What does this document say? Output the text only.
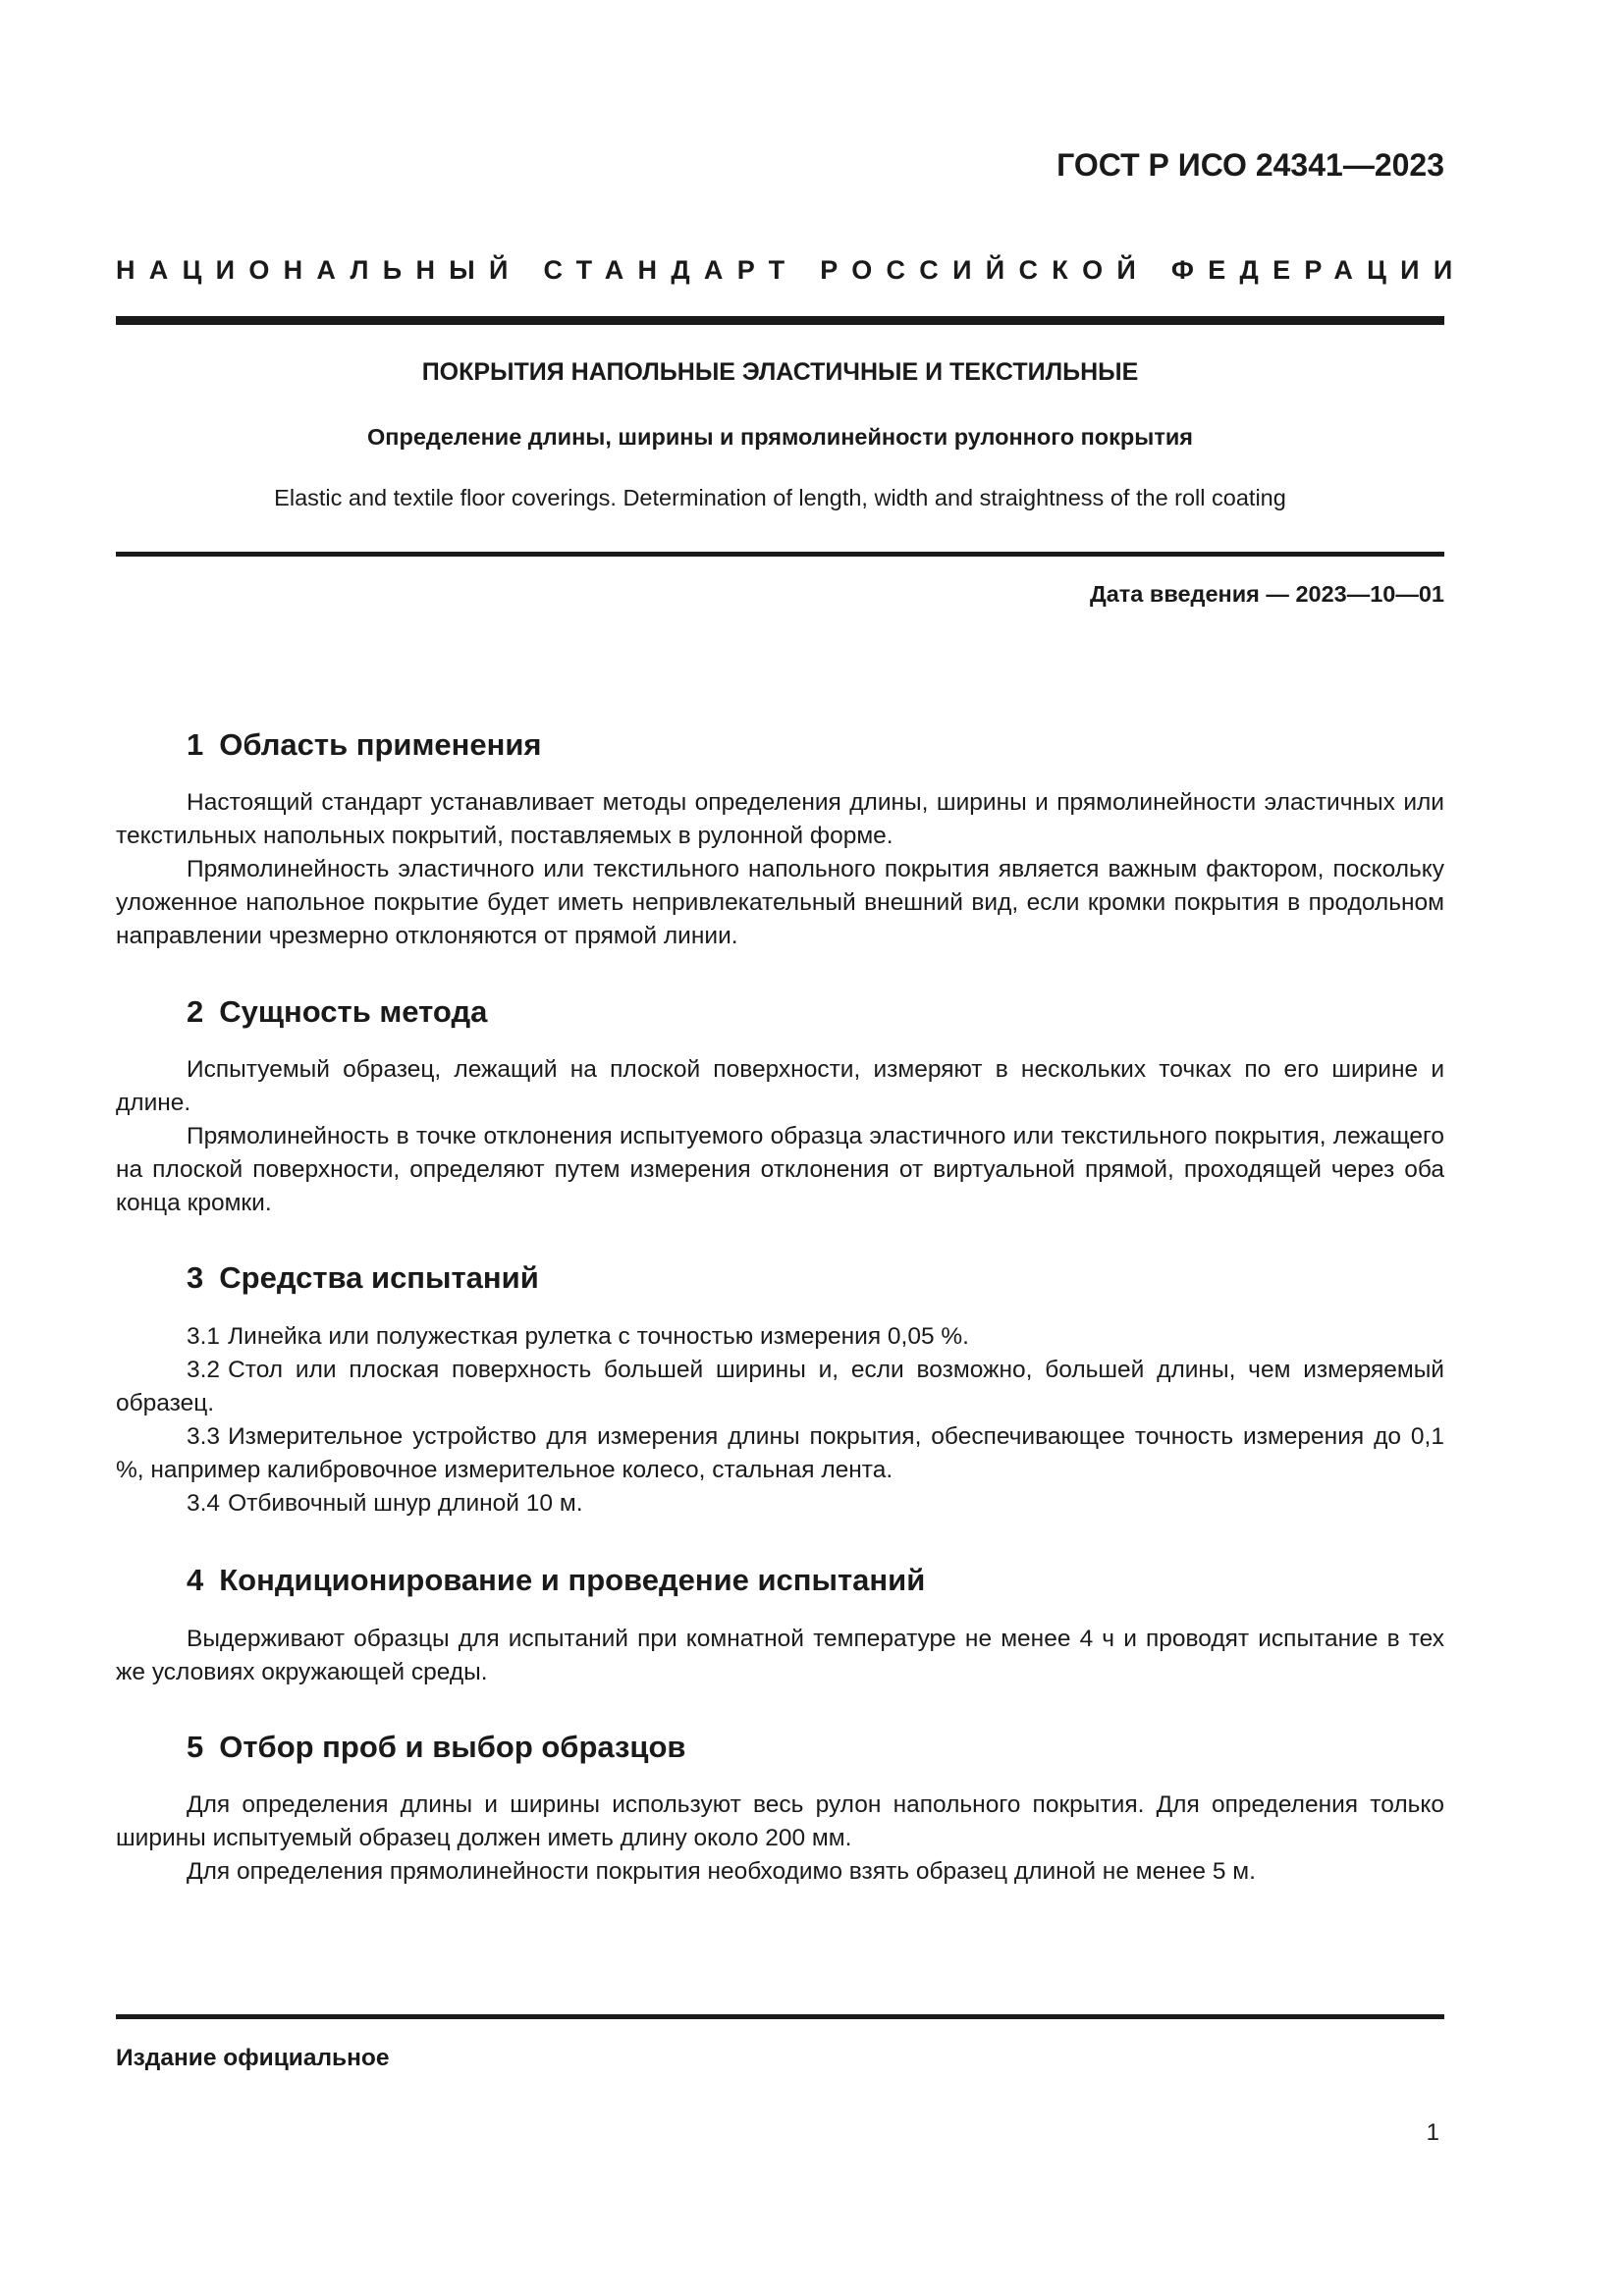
ГОСТ Р ИСО 24341—2023
НАЦИОНАЛЬНЫЙ СТАНДАРТ РОССИЙСКОЙ ФЕДЕРАЦИИ
ПОКРЫТИЯ НАПОЛЬНЫЕ ЭЛАСТИЧНЫЕ И ТЕКСТИЛЬНЫЕ
Определение длины, ширины и прямолинейности рулонного покрытия
Elastic and textile floor coverings. Determination of length, width and straightness of the roll coating
Дата введения — 2023—10—01
1 Область применения

Настоящий стандарт устанавливает методы определения длины, ширины и прямолинейности эластичных или текстильных напольных покрытий, поставляемых в рулонной форме.

Прямолинейность эластичного или текстильного напольного покрытия является важным фактором, поскольку уложенное напольное покрытие будет иметь непривлекательный внешний вид, если кромки покрытия в продольном направлении чрезмерно отклоняются от прямой линии.

2 Сущность метода

Испытуемый образец, лежащий на плоской поверхности, измеряют в нескольких точках по его ширине и длине.

Прямолинейность в точке отклонения испытуемого образца эластичного или текстильного покрытия, лежащего на плоской поверхности, определяют путем измерения отклонения от виртуальной прямой, проходящей через оба конца кромки.

3 Средства испытаний

3.1 Линейка или полужесткая рулетка с точностью измерения 0,05 %.

3.2 Стол или плоская поверхность большей ширины и, если возможно, большей длины, чем измеряемый образец.

3.3 Измерительное устройство для измерения длины покрытия, обеспечивающее точность измерения до 0,1 %, например калибровочное измерительное колесо, стальная лента.

3.4 Отбивочный шнур длиной 10 м.

4 Кондиционирование и проведение испытаний

Выдерживают образцы для испытаний при комнатной температуре не менее 4 ч и проводят испытание в тех же условиях окружающей среды.

5 Отбор проб и выбор образцов

Для определения длины и ширины используют весь рулон напольного покрытия. Для определения только ширины испытуемый образец должен иметь длину около 200 мм.

Для определения прямолинейности покрытия необходимо взять образец длиной не менее 5 м.

Издание официальное
1
